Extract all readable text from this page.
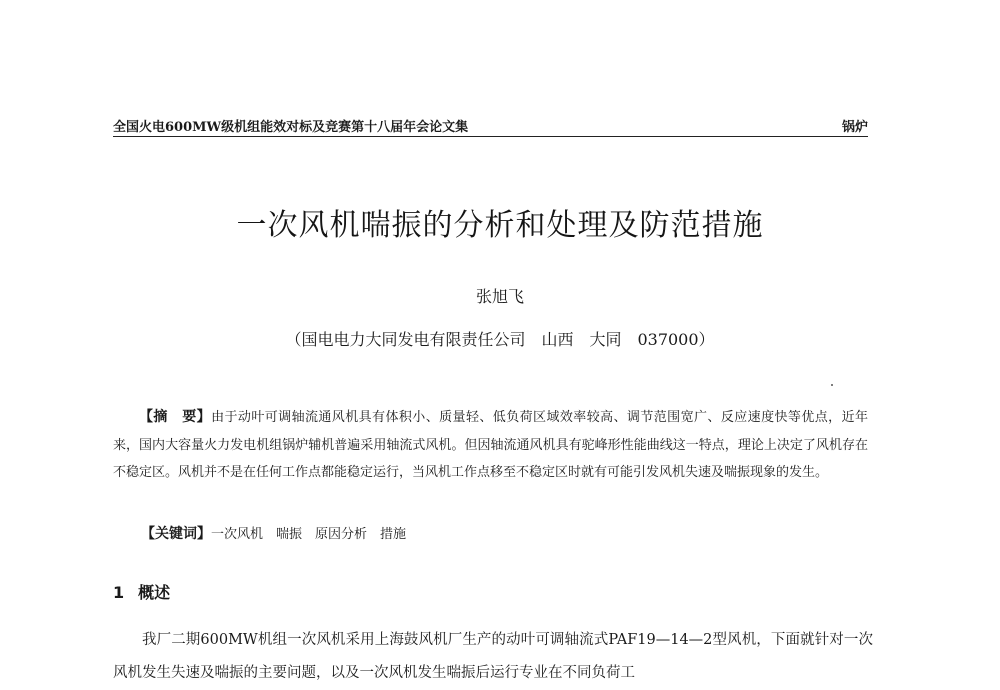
全国火电600MW级机组能效对标及竞赛第十八届年会论文集	锅炉
一次风机喘振的分析和处理及防范措施
张旭飞
（国电电力大同发电有限责任公司　山西　大同　037000）

【摘　要】由于动叶可调轴流通风机具有体积小、质量轻、低负荷区域效率较高、调节范围宽广、反应速度快等优点，近年来，国内大容量火力发电机组锅炉辅机普遍采用轴流式风机。但因轴流通风机具有驼峰形性能曲线这一特点，理论上决定了风机存在不稳定区。风机并不是在任何工作点都能稳定运行，当风机工作点移至不稳定区时就有可能引发风机失速及喘振现象的发生。

【关键词】一次风机　喘振　原因分析　措施
1 概述

我厂二期600MW机组一次风机采用上海鼓风机厂生产的动叶可调轴流式PAF19—14—2型风机，下面就针对一次风机发生失速及喘振的主要问题，以及一次风机发生喘振后运行专业在不同负荷工
